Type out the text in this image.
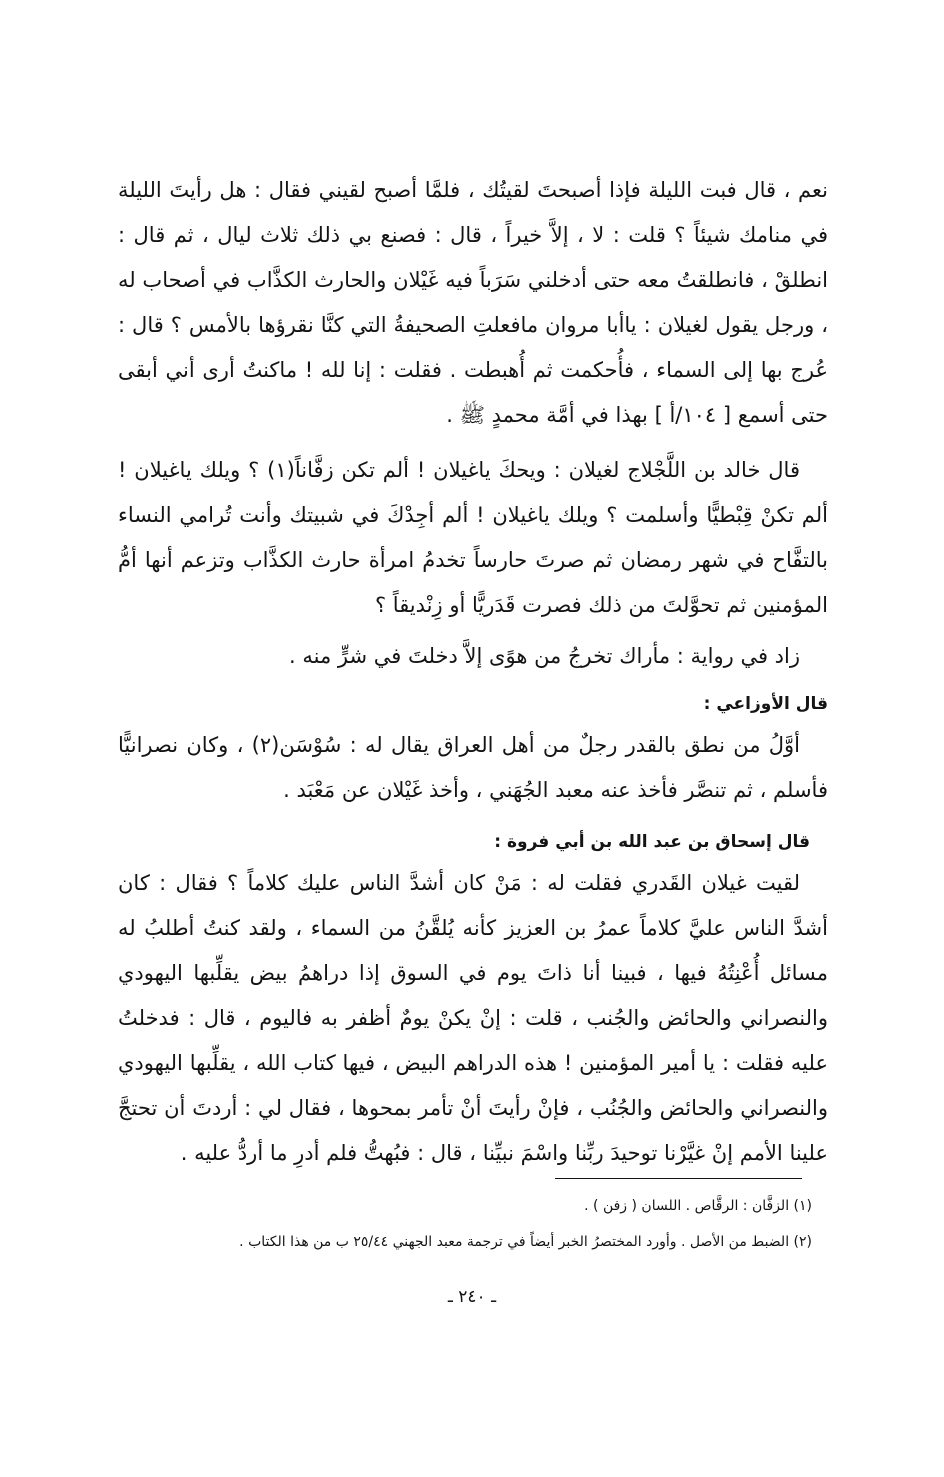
نعم ، قال فبت الليلة فإذا أصبحتَ لقيتُك ، فلمَّا أصبح لقيني فقال : هل رأيتَ الليلة في منامك شيئاً ؟ قلت : لا ، إلاَّ خيراً ، قال : فصنع بي ذلك ثلاث ليال ، ثم قال : انطلقْ ، فانطلقتُ معه حتى أدخلني سَرَباً فيه غَيْلان والحارث الكذَّاب في أصحاب له ، ورجل يقول لغيلان : ياأبا مروان مافعلتِ الصحيفةُ التي كنَّا نقرؤها بالأمس ؟ قال : عُرج بها إلى السماء ، فأُحكمت ثم أُهبطت . فقلت : إنا لله ! ماكنتُ أرى أني أبقى حتى أسمع [ ١٠٤/أ ] بهذا في أمَّة محمدٍ ﷺ .

قال خالد بن اللَّجْلاج لغيلان : ويحكَ ياغيلان ! ألم تكن زفَّاناً(١) ؟ ويلك ياغيلان ! ألم تكنْ قِبْطيًّا وأسلمت ؟ ويلك ياغيلان ! ألم أجِدْكَ في شبيتك وأنت تُرامي النساء بالتفَّاح في شهر رمضان ثم صرتَ حارساً تخدمُ امرأة حارث الكذَّاب وتزعم أنها أمُّ المؤمنين ثم تحوَّلتَ من ذلك فصرت قَدَريًّا أو زِنْديقاً ؟

زاد في رواية : مأراك تخرجُ من هوًى إلاَّ دخلتَ في شرٍّ منه .

قال الأوزاعي :

أوَّلُ من نطق بالقدر رجلٌ من أهل العراق يقال له : سُوْسَن(٢) ، وكان نصرانيًّا فأسلم ، ثم تنصَّر فأخذ عنه معبد الجُهَني ، وأخذ غَيْلان عن مَعْبَد .

قال إسحاق بن عبد الله بن أبي فروة :

لقيت غيلان القَدري فقلت له : مَنْ كان أشدَّ الناس عليك كلاماً ؟ فقال : كان أشدَّ الناس عليَّ كلاماً عمرُ بن العزيز كأنه يُلقَّنُ من السماء ، ولقد كنتُ أطلبُ له مسائل أُعْنِتُهُ فيها ، فبينا أنا ذاتَ يوم في السوق إذا دراهمُ بيض يقلِّبها اليهودي والنصراني والحائض والجُنب ، قلت : إنْ يكنْ يومٌ أظفر به فاليوم ، قال : فدخلتُ عليه فقلت : يا أمير المؤمنين ! هذه الدراهم البيض ، فيها كتاب الله ، يقلِّبها اليهودي والنصراني والحائض والجُنُب ، فإنْ رأيتَ أنْ تأمر بمحوها ، فقال لي : أردتَ أن تحتجَّ علينا الأمم إنْ غيَّرْنا توحيدَ ربِّنا واسْمَ نبيِّنا ، قال : فبُهتُّ فلم أدرِ ما أردُّ عليه .

(١) الزفَّان : الرقَّاص . اللسان ( زفن ) .

(٢) الضبط من الأصل . وأورد المختصرُ الخبر أيضاً في ترجمة معبد الجهني ٢٥/٤٤ ب من هذا الكتاب .

ـ ٢٤٠ ـ
